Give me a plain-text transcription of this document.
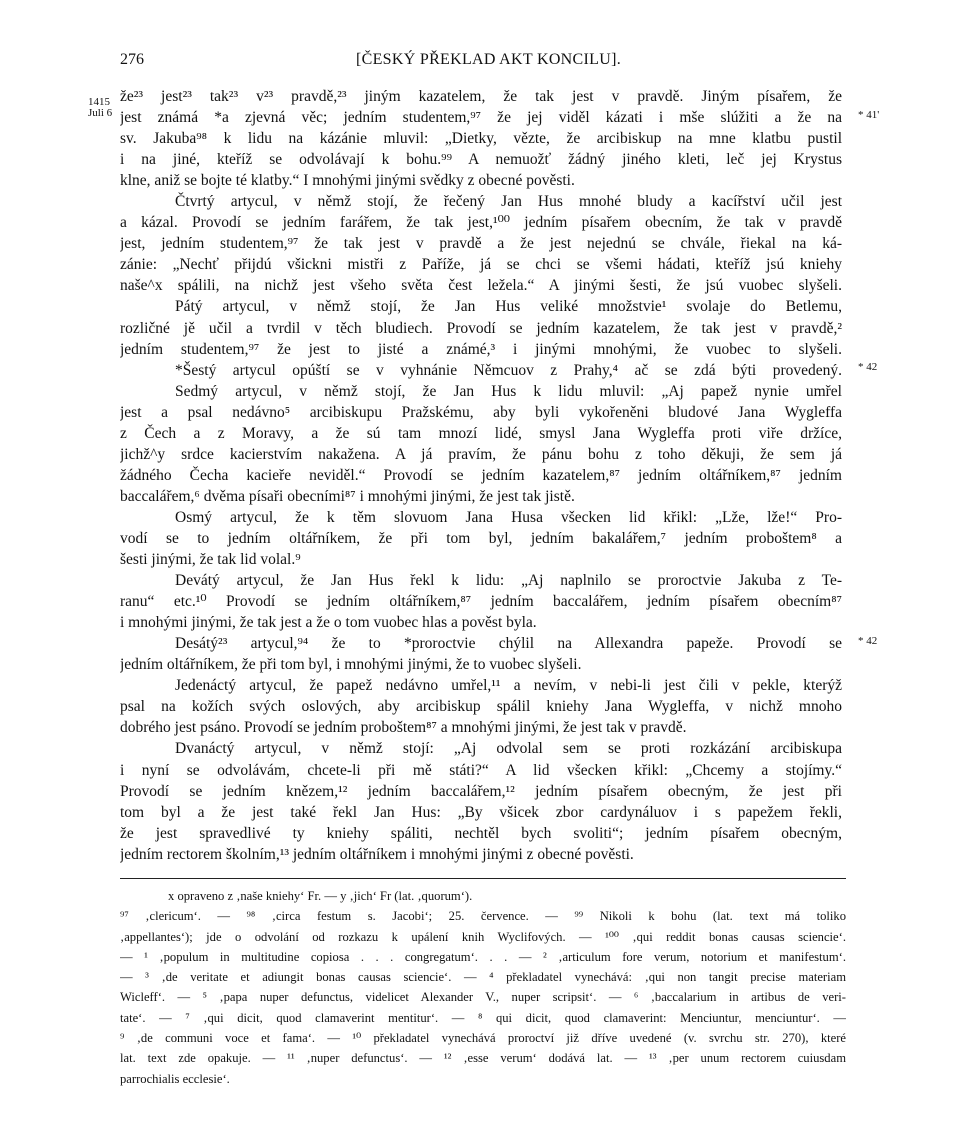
276	[ČESKÝ PŘEKLAD AKT KONCILU].
1415
Juli 6	* 41'
* 42
* 42
že²³ jest²³ tak²³ v²³ pravdě,²³ jiným kazatelem, že tak jest v pravdě. Jiným písařem, že
jest známá *a zjevná věc; jedním studentem,⁹⁷ že jej viděl kázati i mše slúžiti a že na
sv. Jakuba⁹⁸ k lidu na kázánie mluvil: „Dietky, vězte, že arcibiskup na mne klatbu pustil
i na jiné, kteříž se odvolávají k bohu.⁹⁹ A nemuožť žádný jiného kleti, leč jej Krystus
klne, aniž se bojte té klatby.“ I mnohými jinými svědky z obecné pověsti.
Čtvrtý artycul, v němž stojí, že řečený Jan Hus mnohé bludy a kacířství učil jest
a kázal. Provodí se jedním farářem, že tak jest,¹⁰⁰ jedním písařem obecním, že tak v pravdě
jest, jedním studentem,⁹⁷ že tak jest v pravdě a že jest nejednú se chvále, řiekal na ká-
zánie: „Nechť přijdú všickni mistři z Paříže, já se chci se všemi hádati, kteříž jsú kniehy
naše^x spálili, na nichž jest všeho světa čest ležela.“ A jinými šesti, že jsú vuobec slyšeli.
Pátý artycul, v němž stojí, že Jan Hus veliké množstvie¹ svolaje do Betlemu,
rozličné jě učil a tvrdil v těch bludiech. Provodí se jedním kazatelem, že tak jest v pravdě,²
jedním studentem,⁹⁷ že jest to jisté a známé,³ i jinými mnohými, že vuobec to slyšeli.
*Šestý artycul opúští se v vyhnánie Němcuov z Prahy,⁴ ač se zdá býti provedený.
Sedmý artycul, v němž stojí, že Jan Hus k lidu mluvil: „Aj papež nynie umřel
jest a psal nedávno⁵ arcibiskupu Pražskému, aby byli vykořeněni bludové Jana Wygleffa
z Čech a z Moravy, a že sú tam mnozí lidé, smysl Jana Wygleffa proti viře držíce,
jichž^y srdce kacierstvím nakažena. A já pravím, že pánu bohu z toho děkuji, že sem já
žádného Čecha kacieře neviděl.“ Provodí se jedním kazatelem,⁸⁷ jedním oltářníkem,⁸⁷ jedním
baccalářem,⁶ dvěma písaři obecními⁸⁷ i mnohými jinými, že jest tak jistě.
Osmý artycul, že k těm slovuom Jana Husa všecken lid křikl: „Lže, lže!“ Pro-
vodí se to jedním oltářníkem, že při tom byl, jedním bakalářem,⁷ jedním proboštem⁸ a
šesti jinými, že tak lid volal.⁹
Devátý artycul, že Jan Hus řekl k lidu: „Aj naplnilo se proroctvie Jakuba z Te-
ranu“ etc.¹⁰ Provodí se jedním oltářníkem,⁸⁷ jedním baccalářem, jedním písařem obecním⁸⁷
i mnohými jinými, že tak jest a že o tom vuobec hlas a pověst byla.
Desátý²³ artycul,⁹⁴ že to *proroctvie chýlil na Allexandra papeže. Provodí se
jedním oltářníkem, že při tom byl, i mnohými jinými, že to vuobec slyšeli.
Jedenáctý artycul, že papež nedávno umřel,¹¹ a nevím, v nebi-li jest čili v pekle, kterýž
psal na kožích svých oslových, aby arcibiskup spálil kniehy Jana Wygleffa, v nichž mnoho
dobrého jest psáno. Provodí se jedním proboštem⁸⁷ a mnohými jinými, že jest tak v pravdě.
Dvanáctý artycul, v němž stojí: „Aj odvolal sem se proti rozkázání arcibiskupa
i nyní se odvolávám, chcete-li při mě státi?“ A lid všecken křikl: „Chcemy a stojímy.“
Provodí se jedním knězem,¹² jedním baccalářem,¹² jedním písařem obecným, že jest při
tom byl a že jest také řekl Jan Hus: „By všicek zbor cardynáluov i s papežem řekli,
že jest spravedlivé ty kniehy spáliti, nechtěl bych svoliti“; jedním písařem obecným,
jedním rectorem školním,¹³ jedním oltářníkem i mnohými jinými z obecné pověsti.
x opraveno z ‚naše kniehy‘ Fr. — y ‚jich‘ Fr (lat. ‚quorum‘).
⁹⁷ ‚clericum‘. — ⁹⁸ ‚circa festum s. Jacobi‘; 25. července. — ⁹⁹ Nikoli k bohu (lat. text má toliko
‚appellantes‘); jde o odvolání od rozkazu k upálení knih Wyclifových. — ¹⁰⁰ ‚qui reddit bonas causas sciencie‘.
— ¹ ‚populum in multitudine copiosa . . . congregatum‘. . . — ² ‚articulum fore verum, notorium et manifestum‘.
— ³ ‚de veritate et adiungit bonas causas sciencie‘. — ⁴ překladatel vynechává: ‚qui non tangit precise materiam
Wicleff‘. — ⁵ ‚papa nuper defunctus, videlicet Alexander V., nuper scripsit‘. — ⁶ ‚baccalarium in artibus de veri-
tate‘. — ⁷ ‚qui dicit, quod clamaverint mentitur‘. — ⁸ qui dicit, quod clamaverint: Menciuntur, menciuntur‘. —
⁹ ‚de communi voce et fama‘. — ¹⁰ překladatel vynechává proroctví již dříve uvedené (v. svrchu str. 270), které
lat. text zde opakuje. — ¹¹ ‚nuper defunctus‘. — ¹² ‚esse verum‘ dodává lat. — ¹³ ‚per unum rectorem cuiusdam
parrochialis ecclesie‘.
